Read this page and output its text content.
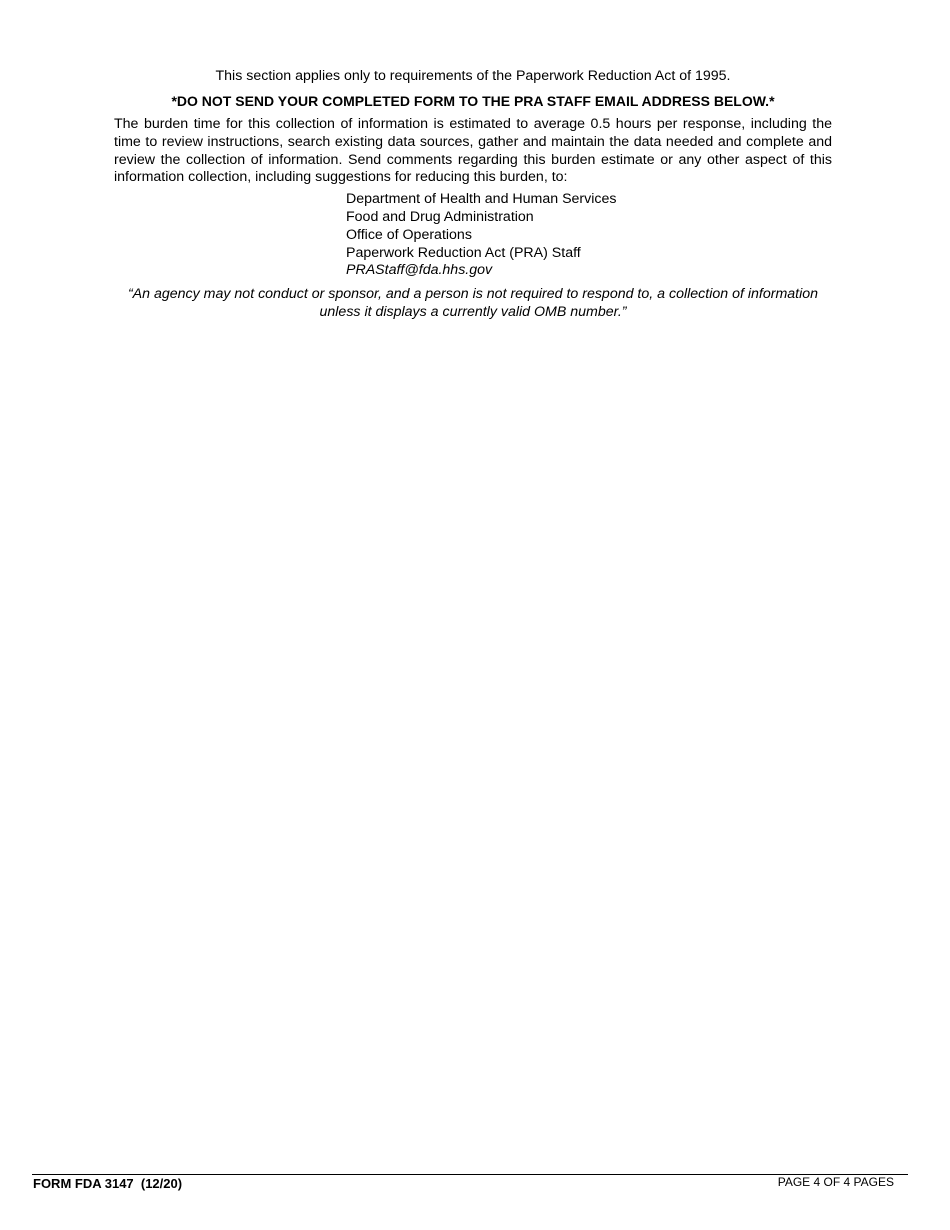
This section applies only to requirements of the Paperwork Reduction Act of 1995.

*DO NOT SEND YOUR COMPLETED FORM TO THE PRA STAFF EMAIL ADDRESS BELOW.*

The burden time for this collection of information is estimated to average 0.5 hours per response, including the time to review instructions, search existing data sources, gather and maintain the data needed and complete and review the collection of information. Send comments regarding this burden estimate or any other aspect of this information collection, including suggestions for reducing this burden, to:

Department of Health and Human Services
Food and Drug Administration
Office of Operations
Paperwork Reduction Act (PRA) Staff
PRAStaff@fda.hhs.gov

“An agency may not conduct or sponsor, and a person is not required to respond to, a collection of information unless it displays a currently valid OMB number.”

FORM FDA 3147  (12/20)	PAGE 4 OF 4 PAGES
